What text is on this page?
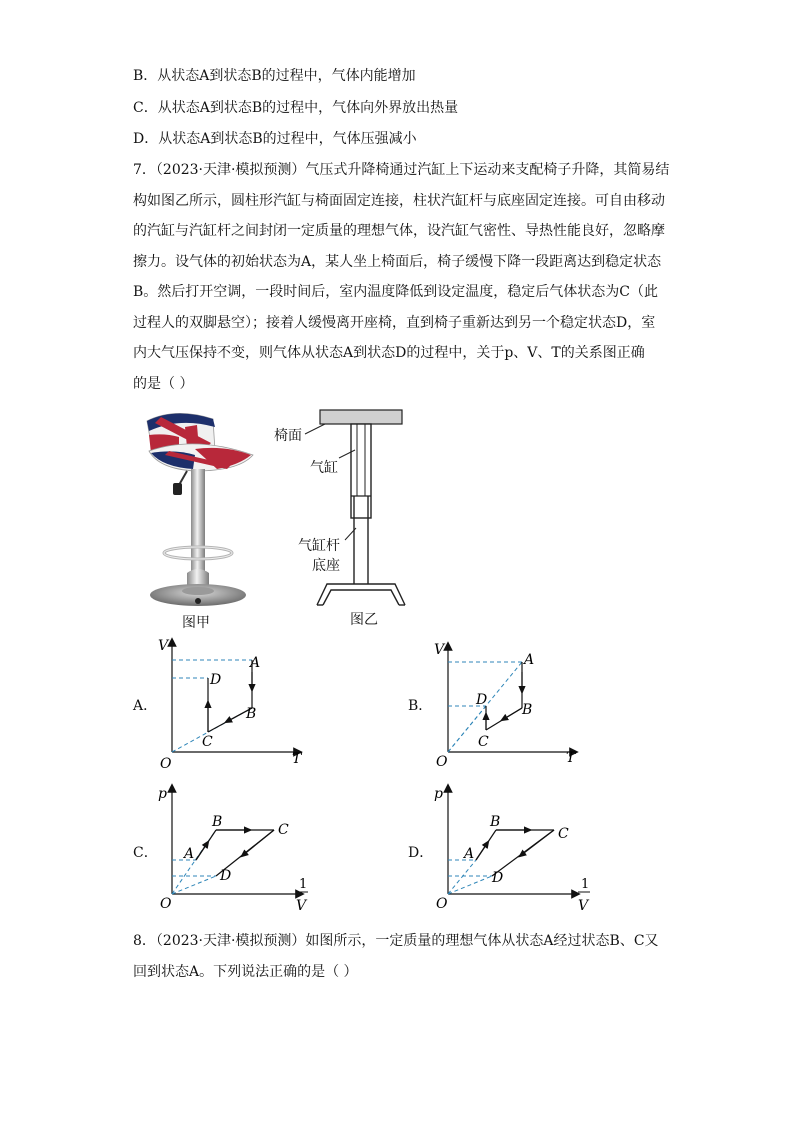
B．从状态A到状态B的过程中，气体内能增加
C．从状态A到状态B的过程中，气体向外界放出热量
D．从状态A到状态B的过程中，气体压强减小
7．（2023·天津·模拟预测）气压式升降椅通过汽缸上下运动来支配椅子升降，其简易结
构如图乙所示，圆柱形汽缸与椅面固定连接，柱状汽缸杆与底座固定连接。可自由移动
的汽缸与汽缸杆之间封闭一定质量的理想气体，设汽缸气密性、导热性能良好，忽略摩
擦力。设气体的初始状态为A，某人坐上椅面后，椅子缓慢下降一段距离达到稳定状态
B。然后打开空调，一段时间后，室内温度降低到设定温度，稳定后气体状态为C（此
过程人的双脚悬空）；接着人缓慢离开座椅，直到椅子重新达到另一个稳定状态D，室
内大气压保持不变，则气体从状态A到状态D的过程中，关于p、V、T的关系图正确
的是（ ）
图甲
椅面
气缸
气缸杆
底座
图乙
A．	B．
C．	D．
V
T
O
A
B
C
D
V
T
O
A
B
C
D
p
1
V
O
A
B	C
D
p
1
V
O
A
B
C
D
8．（2023·天津·模拟预测）如图所示，一定质量的理想气体从状态A经过状态B、C又
回到状态A。下列说法正确的是（ ）
